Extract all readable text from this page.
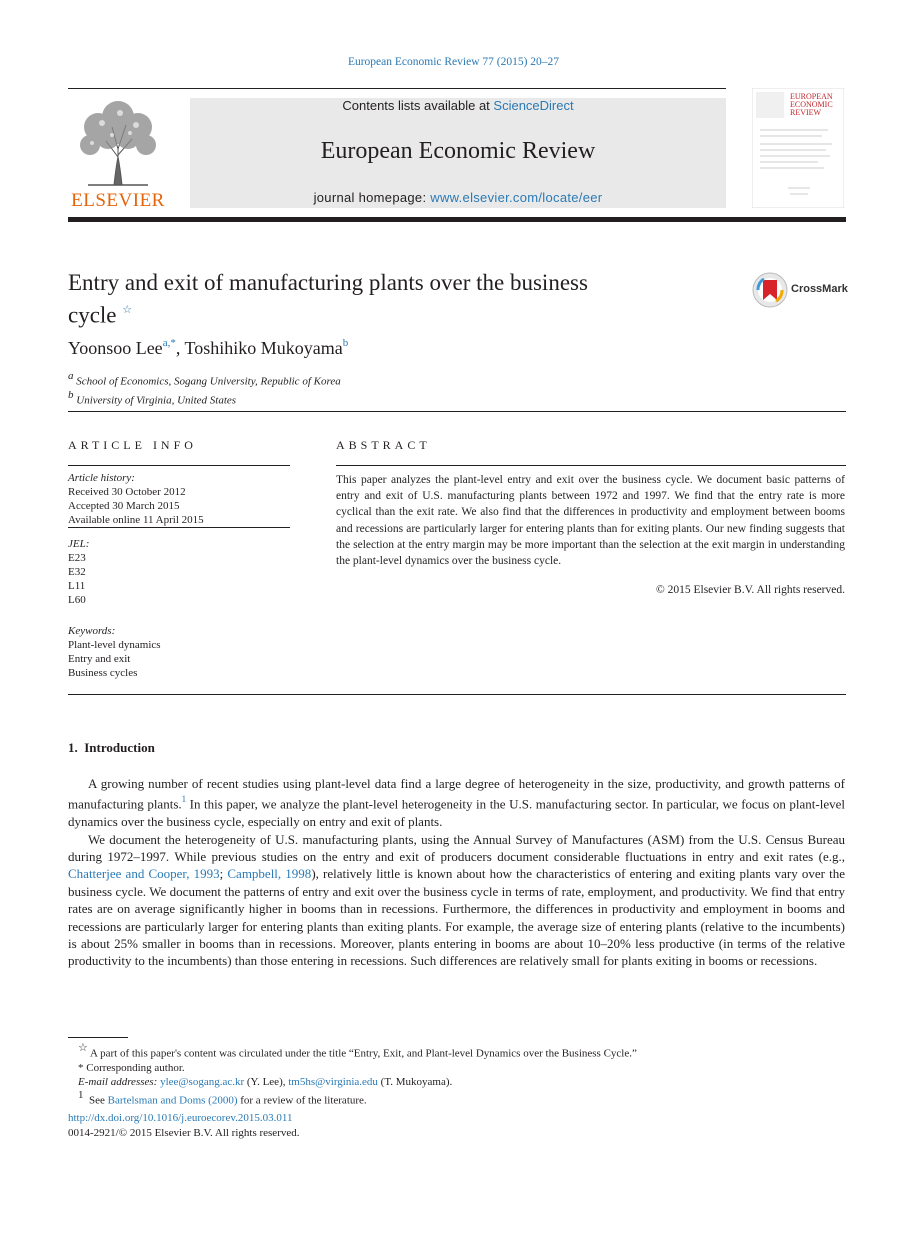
European Economic Review 77 (2015) 20–27
ELSEVIER
Contents lists available at ScienceDirect
European Economic Review
journal homepage: www.elsevier.com/locate/eer
EUROPEAN
ECONOMIC
REVIEW
Entry and exit of manufacturing plants over the business cycle ☆
CrossMark
Yoonsoo Lee$^{a,*}$, Toshihiko Mukoyama$^b$
a School of Economics, Sogang University, Republic of Korea
b University of Virginia, United States
ARTICLE INFO
Article history:
Received 30 October 2012
Accepted 30 March 2015
Available online 11 April 2015
JEL:
E23
E32
L11
L60
Keywords:
Plant-level dynamics
Entry and exit
Business cycles
ABSTRACT
This paper analyzes the plant-level entry and exit over the business cycle. We document basic patterns of entry and exit of U.S. manufacturing plants between 1972 and 1997. We find that the entry rate is more cyclical than the exit rate. We also find that the differences in productivity and employment between booms and recessions are particularly larger for entering plants than for exiting plants. Our new finding suggests that the selection at the entry margin may be more important than the selection at the exit margin in understanding the plant-level dynamics over the business cycle.
© 2015 Elsevier B.V. All rights reserved.
1. Introduction

A growing number of recent studies using plant-level data find a large degree of heterogeneity in the size, productivity, and growth patterns of manufacturing plants.$^1$ In this paper, we analyze the plant-level heterogeneity in the U.S. manufacturing sector. In particular, we focus on plant-level dynamics over the business cycle, especially on entry and exit of plants.

We document the heterogeneity of U.S. manufacturing plants, using the Annual Survey of Manufactures (ASM) from the U.S. Census Bureau during 1972–1997. While previous studies on the entry and exit of producers document considerable fluctuations in entry and exit rates (e.g., Chatterjee and Cooper, 1993; Campbell, 1998), relatively little is known about how the characteristics of entering and exiting plants vary over the business cycle. We document the patterns of entry and exit over the business cycle in terms of rate, employment, and productivity. We find that entry rates are on average significantly higher in booms than in recessions. Furthermore, the differences in productivity and employment in booms and recessions are particularly larger for entering plants than exiting plants. For example, the average size of entering plants (relative to the incumbents) is about 25% smaller in booms than in recessions. Moreover, plants entering in booms are about 10–20% less productive (in terms of the relative productivity to the incumbents) than those entering in recessions. Such differences are relatively small for plants exiting in booms or recessions.

☆ A part of this paper's content was circulated under the title “Entry, Exit, and Plant-level Dynamics over the Business Cycle.”
* Corresponding author.
E-mail addresses: ylee@sogang.ac.kr (Y. Lee), tm5hs@virginia.edu (T. Mukoyama).
1  See Bartelsman and Doms (2000) for a review of the literature.
http://dx.doi.org/10.1016/j.euroecorev.2015.03.011
0014-2921/© 2015 Elsevier B.V. All rights reserved.
